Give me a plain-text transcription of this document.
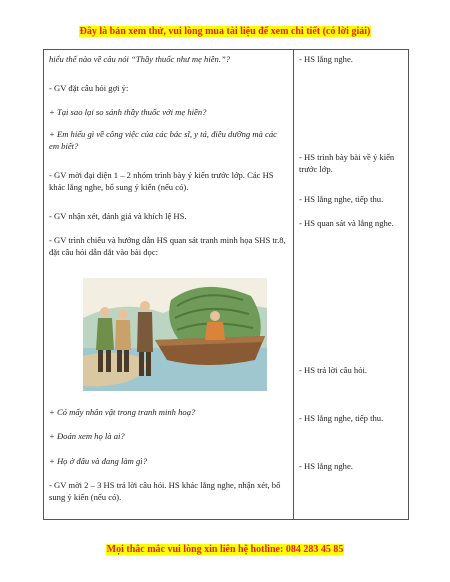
Đây là bản xem thử, vui lòng mua tài liệu để xem chi tiết (có lời giải)

hiểu thế nào về câu nói “Thầy thuốc như mẹ hiền.”?

- GV đặt câu hỏi gợi ý:

+ Tại sao lại so sánh thầy thuốc với mẹ hiền?

+ Em hiểu gì về công việc của các bác sĩ, y tá, điều dưỡng mà các em biết?

- GV mời đại diện 1 – 2 nhóm trình bày ý kiến trước lớp. Các HS khác lắng nghe, bổ sung ý kiến (nếu có).

- GV nhận xét, đánh giá và khích lệ HS.

- GV trình chiếu và hướng dẫn HS quan sát tranh minh họa SHS tr.8, đặt câu hỏi dẫn dắt vào bài đọc:

+ Có mấy nhân vật trong tranh minh hoạ?

+ Đoán xem họ là ai?

+ Họ ở đâu và đang làm gì?

- GV mời 2 – 3 HS trả lời câu hỏi. HS khác lắng nghe, nhận xét, bổ sung ý kiến (nếu có).

- HS lắng nghe.

- HS trình bày bài về ý kiến trước lớp.

- HS lắng nghe, tiếp thu.

- HS quan sát và lắng nghe.

- HS trả lời câu hỏi.

- HS lắng nghe, tiếp thu.

- HS lắng nghe.

Mọi thắc mắc vui lòng xin liên hệ hotline: 084 283 45 85
